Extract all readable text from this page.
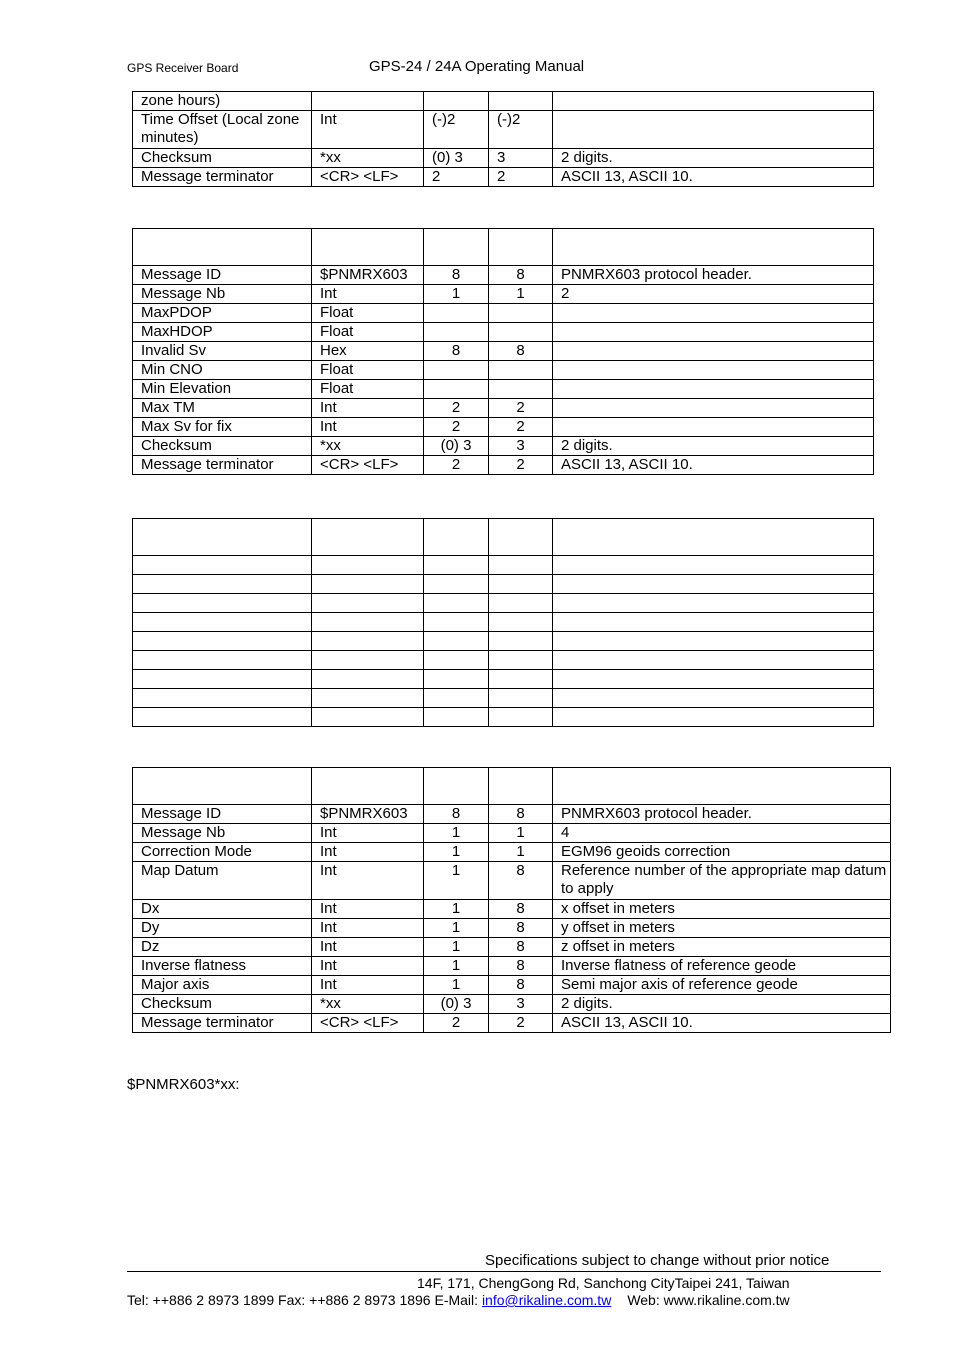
GPS Receiver Board	GPS-24 / 24A Operating Manual
zone hours)				
Time Offset (Local zone minutes)	Int	(-)2	(-)2	
Checksum	*xx	(0) 3	3	2 digits.
Message terminator	<CR> <LF>	2	2	ASCII 13, ASCII 10.

Message ID	$PNMRX603	8	8	PNMRX603 protocol header.
Message Nb	Int	1	1	2
MaxPDOP	Float			
MaxHDOP	Float			
Invalid Sv	Hex	8	8	
Min CNO	Float			
Min Elevation	Float			
Max TM	Int	2	2	
Max Sv for fix	Int	2	2	
Checksum	*xx	(0) 3	3	2 digits.
Message terminator	<CR> <LF>	2	2	ASCII 13, ASCII 10.

Message ID	$PNMRX603	8	8	PNMRX603 protocol header.
Message Nb	Int	1	1	4
Correction Mode	Int	1	1	EGM96 geoids correction
Map Datum	Int	1	8	Reference number of the appropriate map datum to apply
Dx	Int	1	8	x offset in meters
Dy	Int	1	8	y offset in meters
Dz	Int	1	8	z offset in meters
Inverse flatness	Int	1	8	Inverse flatness of reference geode
Major axis	Int	1	8	Semi major axis of reference geode
Checksum	*xx	(0) 3	3	2 digits.
Message terminator	<CR> <LF>	2	2	ASCII 13, ASCII 10.
$PNMRX603*xx:
Specifications subject to change without prior notice
14F, 171, ChengGong Rd, Sanchong CityTaipei 241, Taiwan
Tel: ++886 2 8973 1899 Fax: ++886 2 8973 1896 E-Mail: info@rikaline.com.tw Web: www.rikaline.com.tw
